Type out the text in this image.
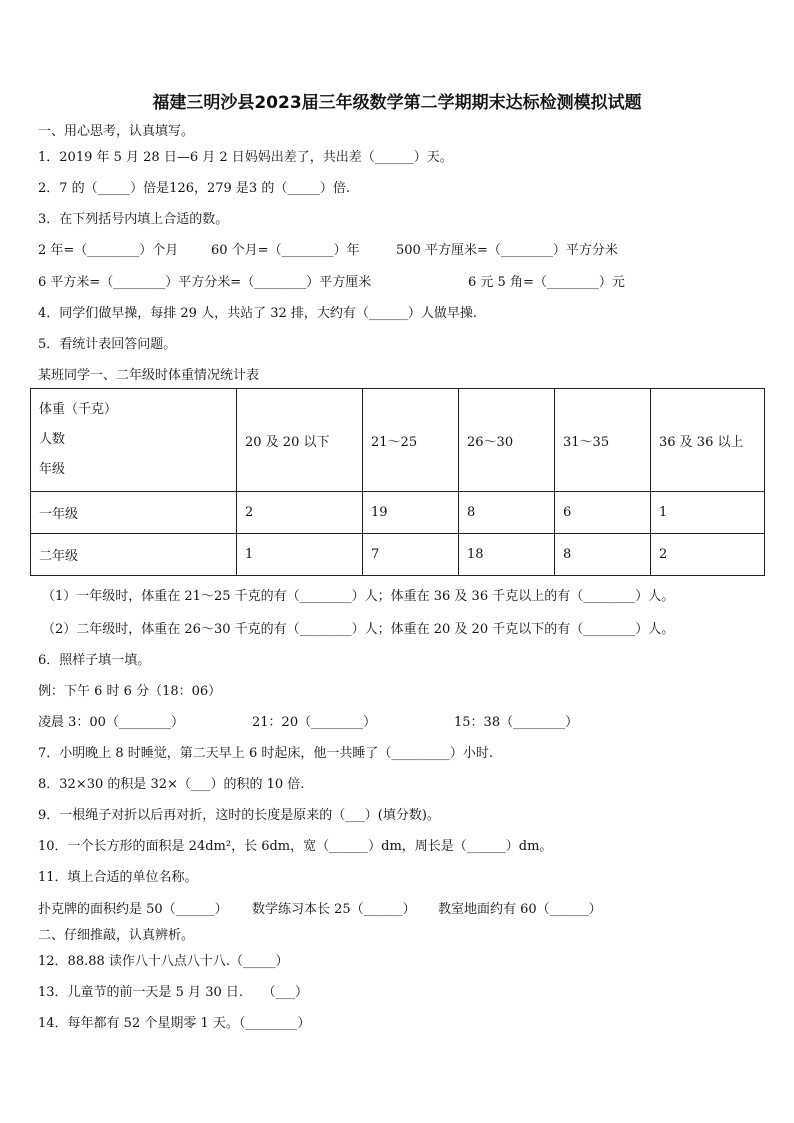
福建三明沙县2023届三年级数学第二学期期末达标检测模拟试题
一、用心思考，认真填写。
1．2019 年 5 月 28 日—6 月 2 日妈妈出差了，共出差（______）天。
2．7 的（_____）倍是126，279 是3 的（_____）倍.
3．在下列括号内填上合适的数。
2 年=（________）个月	60 个月=（________）年	500 平方厘米=（________）平方分米
6 平方米=（________）平方分米=（________）平方厘米	6 元 5 角=（________）元
4．同学们做早操，每排 29 人，共站了 32 排，大约有（______）人做早操.
5．看统计表回答问题。
某班同学一、二年级时体重情况统计表
体重（千克）
人数
年级	20 及 20 以下	21～25	26～30	31～35	36 及 36 以上
一年级	2	19	8	6	1
二年级	1	7	18	8	2
（1）一年级时，体重在 21～25 千克的有（________）人；体重在 36 及 36 千克以上的有（________）人。
（2）二年级时，体重在 26～30 千克的有（________）人；体重在 20 及 20 千克以下的有（________）人。
6．照样子填一填。
例：下午 6 时 6 分（18：06）
凌晨 3：00（________）	21：20（________）	15：38（________）
7．小明晚上 8 时睡觉，第二天早上 6 时起床，他一共睡了（_________）小时.
8．32×30 的积是 32×（___）的积的 10 倍.
9．一根绳子对折以后再对折，这时的长度是原来的（___）(填分数)。
10．一个长方形的面积是 24dm²，长 6dm，宽（______）dm，周长是（______）dm。
11．填上合适的单位名称。
扑克牌的面积约是 50（______） 数学练习本长 25（______） 教室地面约有 60（______）
二、仔细推敲，认真辨析。
12．88.88 读作八十八点八十八.（_____）
13．儿童节的前一天是 5 月 30 日.　　（___）
14．每年都有 52 个星期零 1 天。（________）
